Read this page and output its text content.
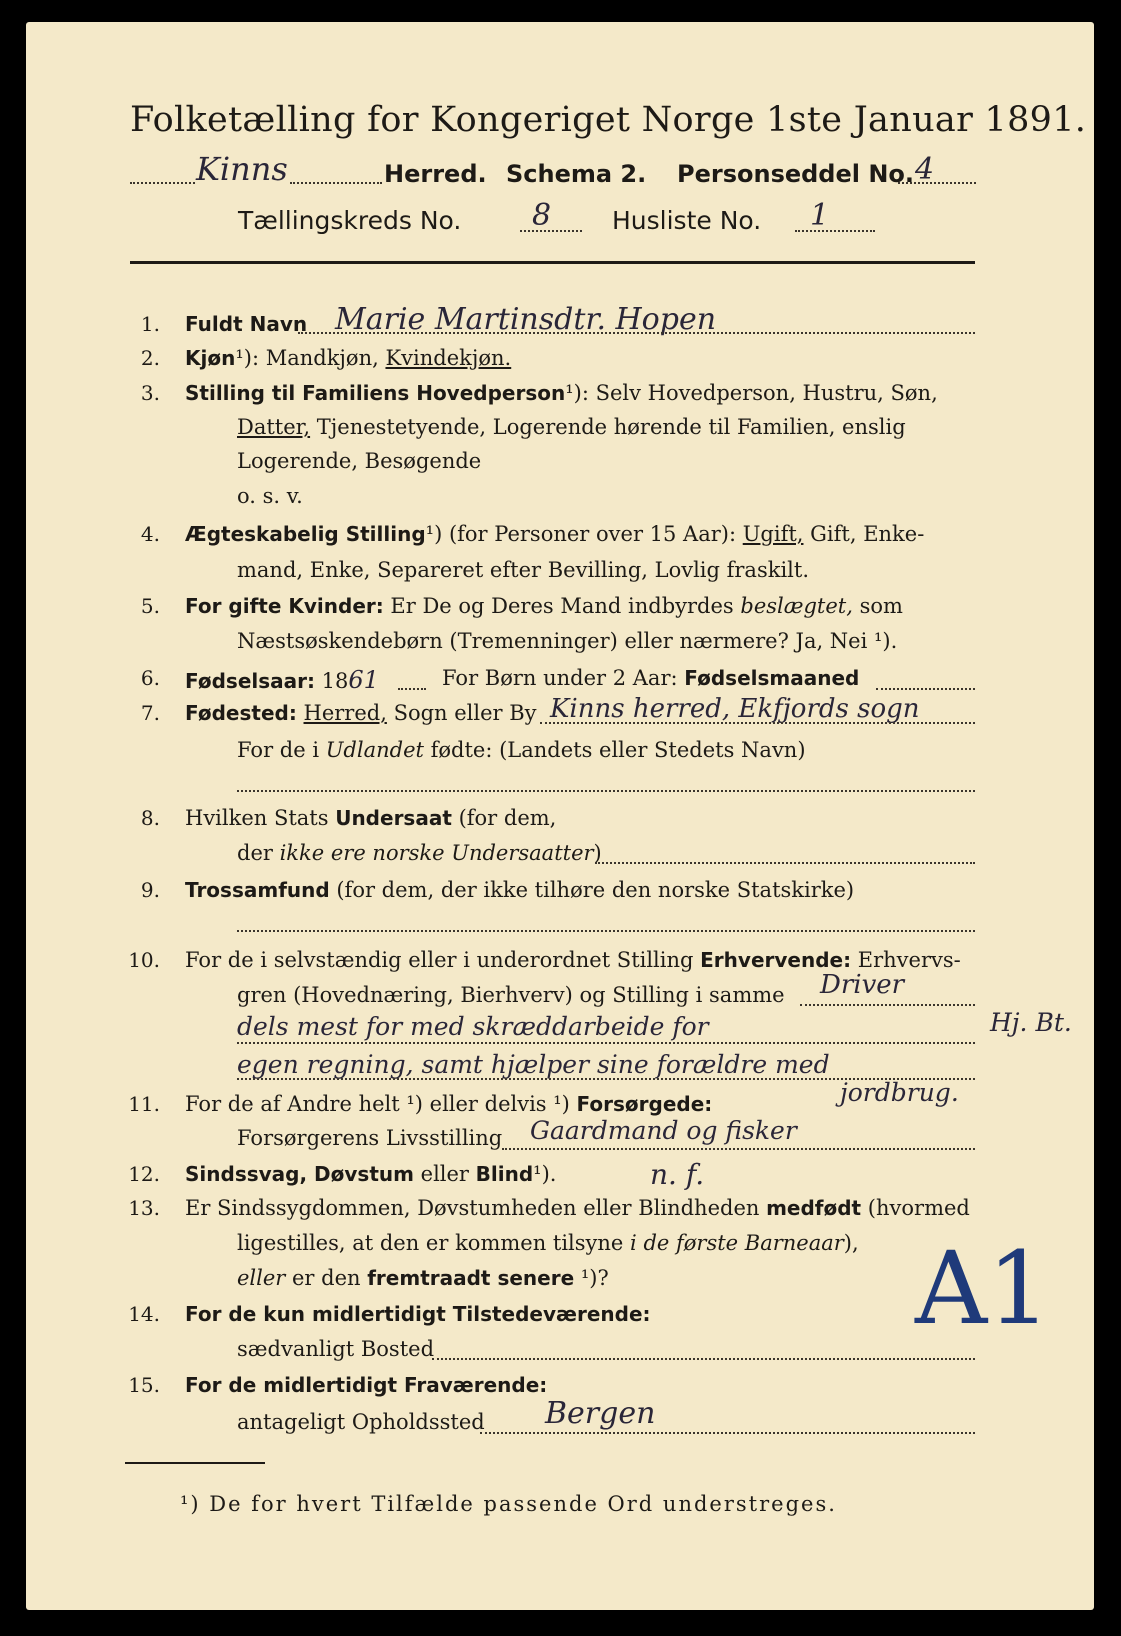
Folketælling for Kongeriget Norge 1ste Januar 1891.
Kinns	Herred. Schema 2. Personseddel No. 4
Tællingskreds No. 8 Husliste No. 1
1. Fuldt Navn Marie Martinsdtr. Hopen
2. Kjøn¹): Mandkjøn, Kvindekjøn.
3. Stilling til Familiens Hovedperson¹): Selv Hovedperson, Hustru, Søn,
Datter, Tjenestetyende, Logerende hørende til Familien, enslig
Logerende, Besøgende
o. s. v.
4. Ægteskabelig Stilling¹) (for Personer over 15 Aar): Ugift, Gift, Enke-
mand, Enke, Separeret efter Bevilling, Lovlig fraskilt.
5. For gifte Kvinder: Er De og Deres Mand indbyrdes beslægtet, som
Næstsøskendebørn (Tremenninger) eller nærmere? Ja, Nei ¹).
6. Fødselsaar: 1861	For Børn under 2 Aar: Fødselsmaaned
7. Fødested: Herred, Sogn eller By Kinns herred, Ekfjords sogn
For de i Udlandet fødte: (Landets eller Stedets Navn)
8. Hvilken Stats Undersaat (for dem,
der ikke ere norske Undersaatter)
9. Trossamfund (for dem, der ikke tilhøre den norske Statskirke)
10. For de i selvstændig eller i underordnet Stilling Erhvervende: Erhvervs-
gren (Hovednæring, Bierhverv) og Stilling i samme Driver
dels mest for med skræddarbeide for	Hj. Bt.
egen regning, samt hjælper sine forældre med
jordbrug.
11. For de af Andre helt ¹) eller delvis ¹) Forsørgede:
Forsørgerens Livsstilling Gaardmand og fisker
12. Sindssvag, Døvstum eller Blind¹).	n. f.
13. Er Sindssygdommen, Døvstumheden eller Blindheden medfødt (hvormed
ligestilles, at den er kommen tilsyne i de første Barneaar),
eller er den fremtraadt senere ¹)?
14. For de kun midlertidigt Tilstedeværende:
sædvanligt Bosted
15. For de midlertidigt Fraværende:
antageligt Opholdssted Bergen
A1
¹) De for hvert Tilfælde passende Ord understreges.
